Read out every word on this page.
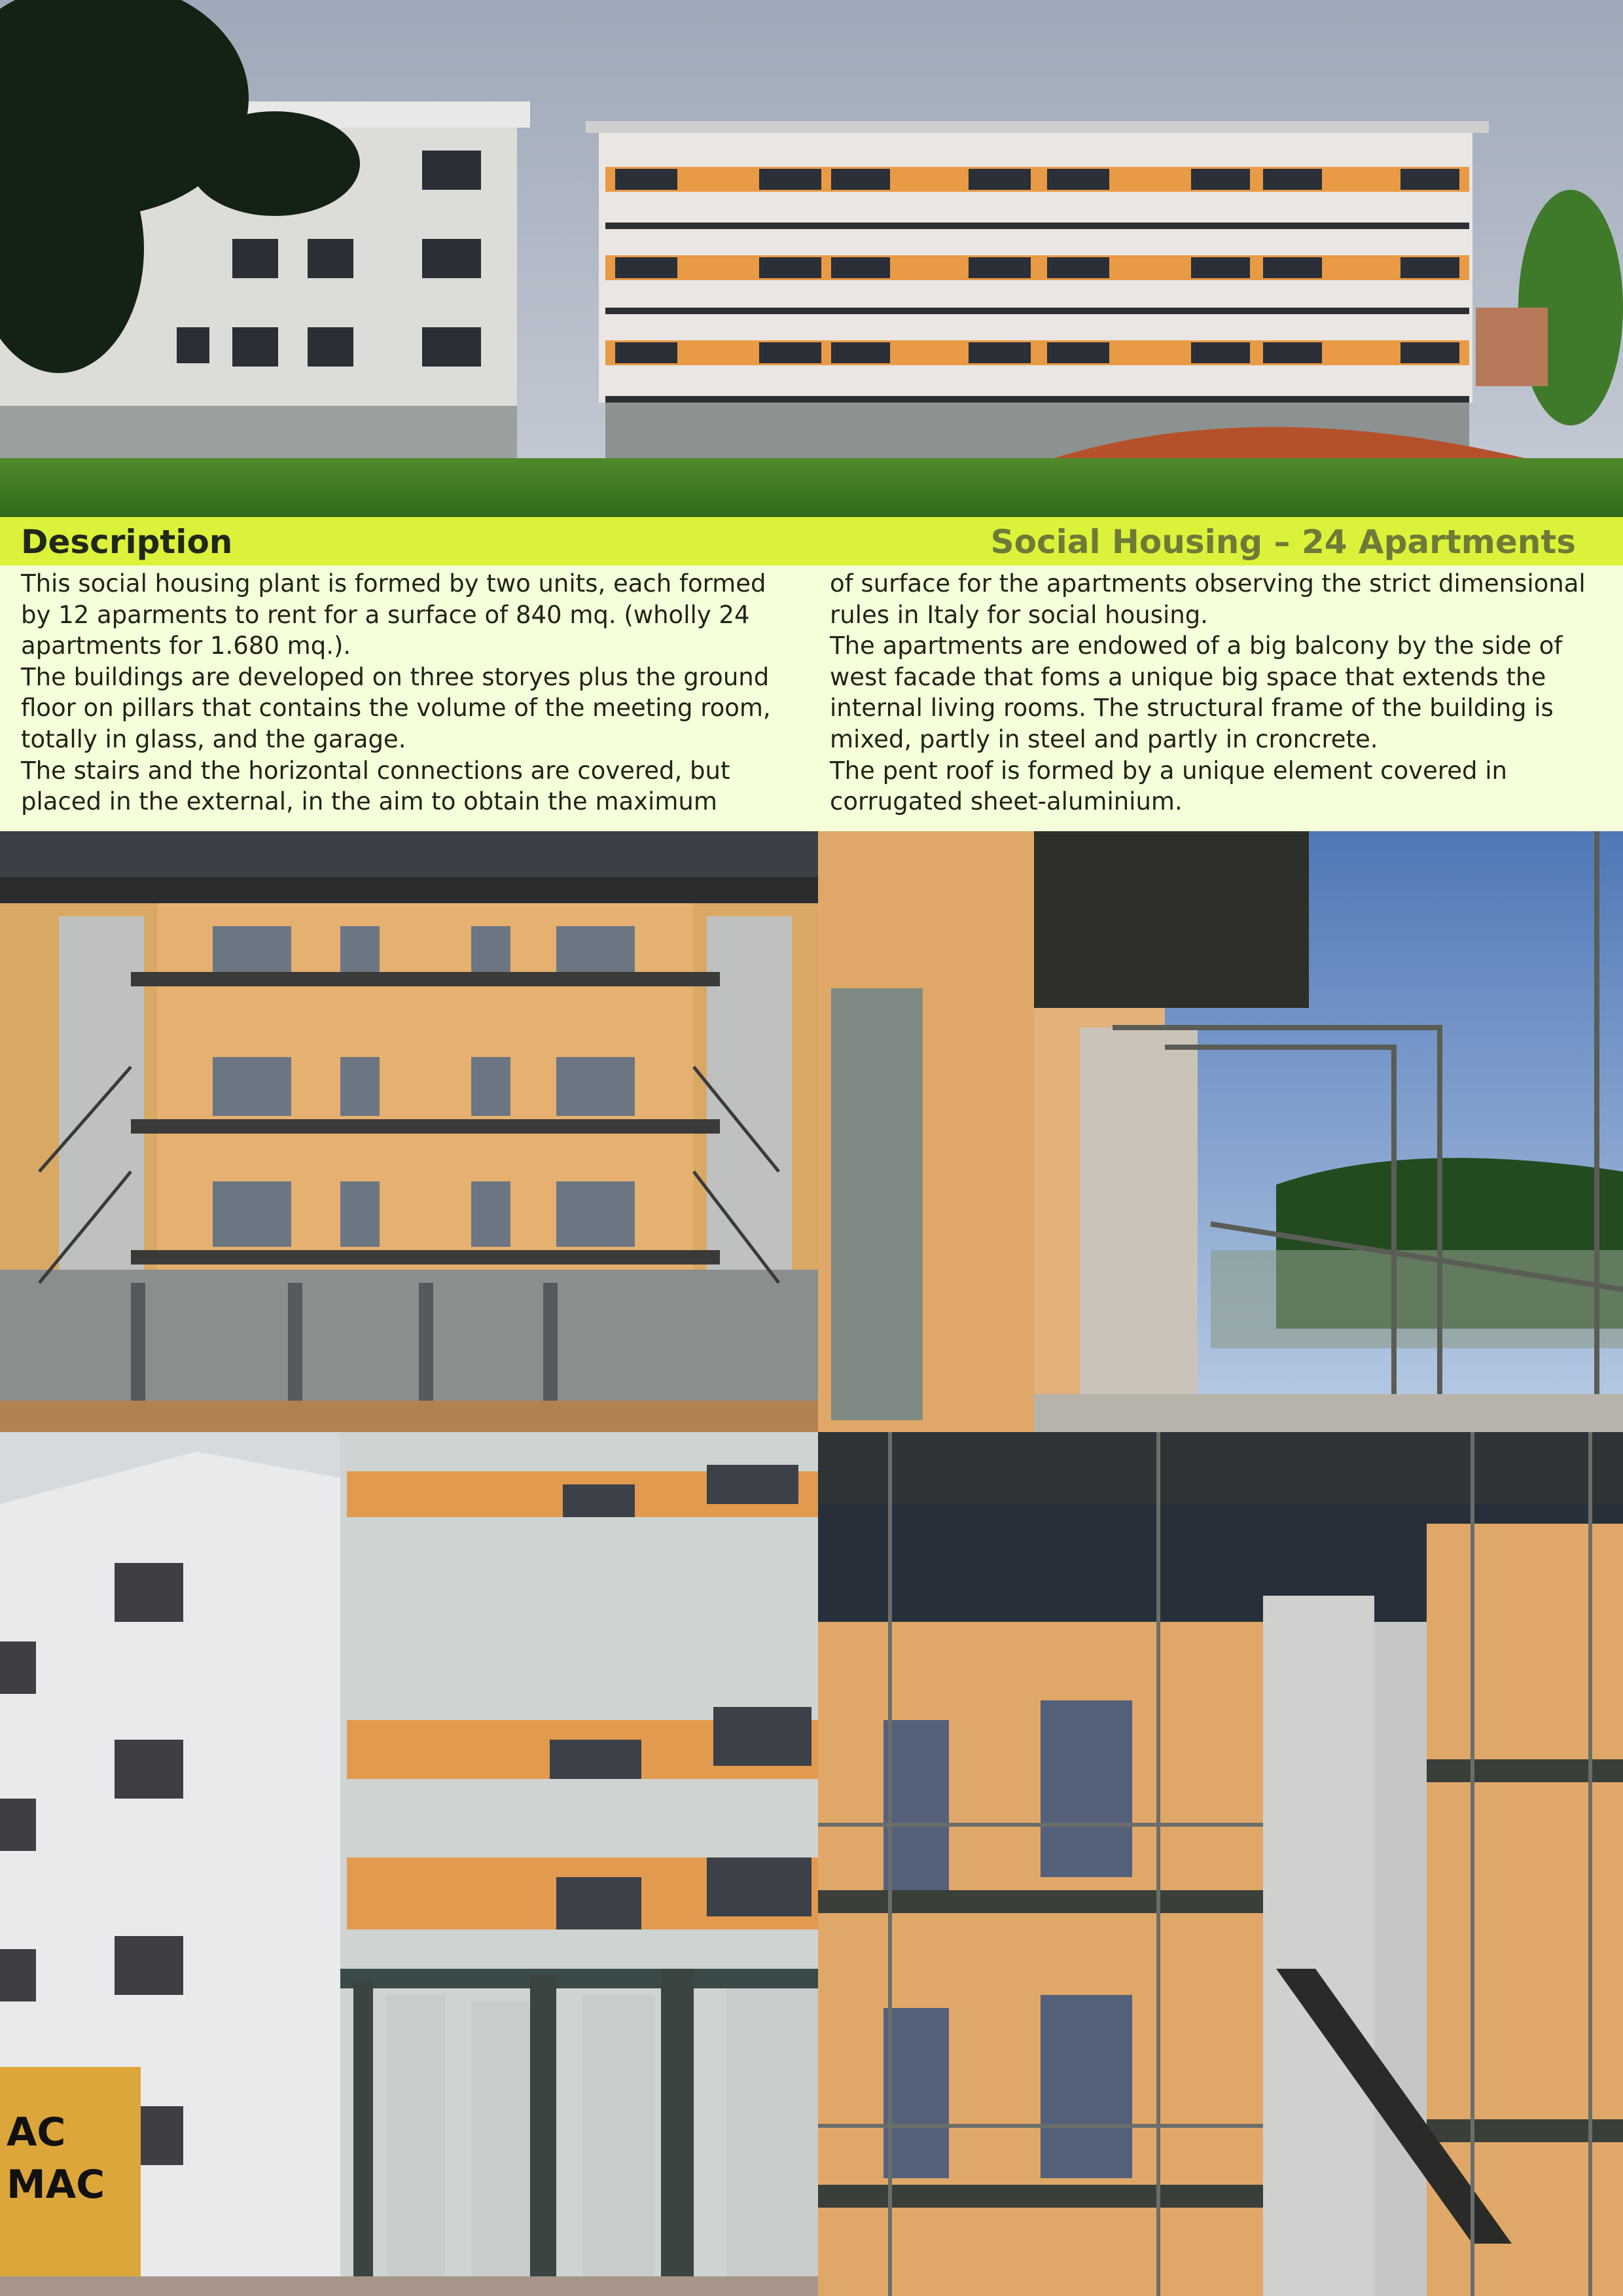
Description	Social Housing – 24 Apartments

This social housing plant is formed by two units, each formed by 12 aparments to rent for a surface of 840 mq. (wholly 24 apartments for 1.680 mq.).

The buildings are developed on three storyes plus the ground floor on pillars that contains the volume of the meeting room, totally in glass, and the garage.

The stairs and the horizontal connections are covered, but placed in the external, in the aim to obtain the maximum

of surface for the apartments observing the strict dimensional rules in Italy for social housing.

The apartments are endowed of a big balcony by the side of west facade that foms a unique big space that extends the internal living rooms. The structural frame of the building is mixed, partly in steel and partly in croncrete.

The pent roof is formed by a unique element covered in corrugated sheet-aluminium.

AC
MAC
